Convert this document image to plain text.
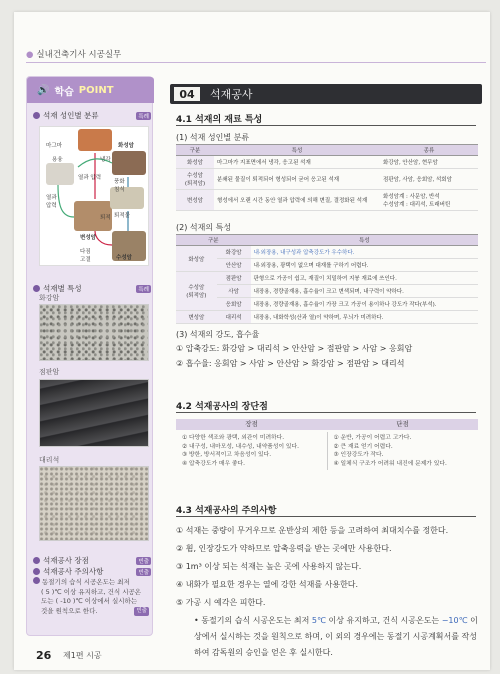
● 실내건축기사 시공실무
🔊 학습 POINT
석재 성인별 분류	특례
마그마	화성암
냉각
용융
열과 압력
풍화
침식
변성암
퇴적 퇴적물
열과
압력
다짐
고결	수성암
석재별 특성	특례
화강암
점판암
대리석
석재공사 장점	빈출
석재공사 주의사항	빈출
동절기의 습식 시공온도는 최저
( 5 )℃ 이상 유지하고, 건식 시공온
도는 ( -10 )℃ 이상에서 실시하는
것을 원칙으로 한다.	빈출
04	석재공사
4.1 석재의 재료 특성
(1) 석재 성인별 분류
구분	특성	종류
화성암	마그마가 지표면에서 냉각, 응고된 석재	화강암, 안산암, 현무암
수성암
(퇴적암)	분쇄된 물질이 퇴적되어 형성되어 굳어 응고된 석재	점판암, 사암, 응회암, 석회암
변성암	형성에서 오랜 시간 동안 열과 압력에 의해 변질, 결정화된 석재	화성암계 : 사문암, 반석
수성암계 : 대리석, 트래버틴
(2) 석재의 특성
구분		특성
화성암	화강암	내·외장용, 내구성과 압축강도가 우수하다.
	안산암	내·외장용, 광택이 없으며 대재를 구하기 어렵다.
수성암
(퇴적암)	점판암	판형으로 가공이 쉽고, 재질이 치밀하여 지붕 재료에 쓰인다.
	사암	내장용, 경량골재용, 흡수율이 크고 변색되며, 내구력이 약하다.
	응회암	내장용, 경량골재용, 흡수율이 가장 크고 가공이 용이하나 강도가 작다(부석).
변성암	대리석	내장용, 내화학성(산과 열)이 약하며, 무늬가 미려하다.
(3) 석재의 강도, 흡수율
① 압축강도: 화강암 > 대리석 > 안산암 > 점판암 > 사암 > 응회암
② 흡수율: 응회암 > 사암 > 안산암 > 화강암 > 점판암 > 대리석
4.2 석재공사의 장단점
장점	단점
① 다양한 색조와 광택, 외관이 미려하다.
② 내구성, 내마모성, 내수성, 내약품성이 있다.
③ 방한, 방서적이고 차음성이 있다.
④ 압축강도가 매우 좋다.
① 운반, 가공이 어렵고 고가다.
② 큰 재료 얻기 어렵다.
③ 인장강도가 작다.
④ 일체식 구조가 어려워 내진에 문제가 있다.
4.3 석재공사의 주의사항
① 석재는 중량이 무거우므로 운반상의 제한 등을 고려하여 최대치수를 정한다.
② 휨, 인장강도가 약하므로 압축응력을 받는 곳에만 사용한다.
③ 1m³ 이상 되는 석재는 높은 곳에 사용하지 않는다.
④ 내화가 필요한 경우는 열에 강한 석재를 사용한다.
⑤ 가공 시 예각은 피한다.
• 동절기의 습식 시공온도는 최저 5℃ 이상 유지하고, 건식 시공온도는 −10℃ 이상에서 실시하는 것을 원칙으로 하며, 이 외의 경우에는 동절기 시공계획서를 작성하여 감독원의 승인을 얻은 후 실시한다.
26 제1편 시공
